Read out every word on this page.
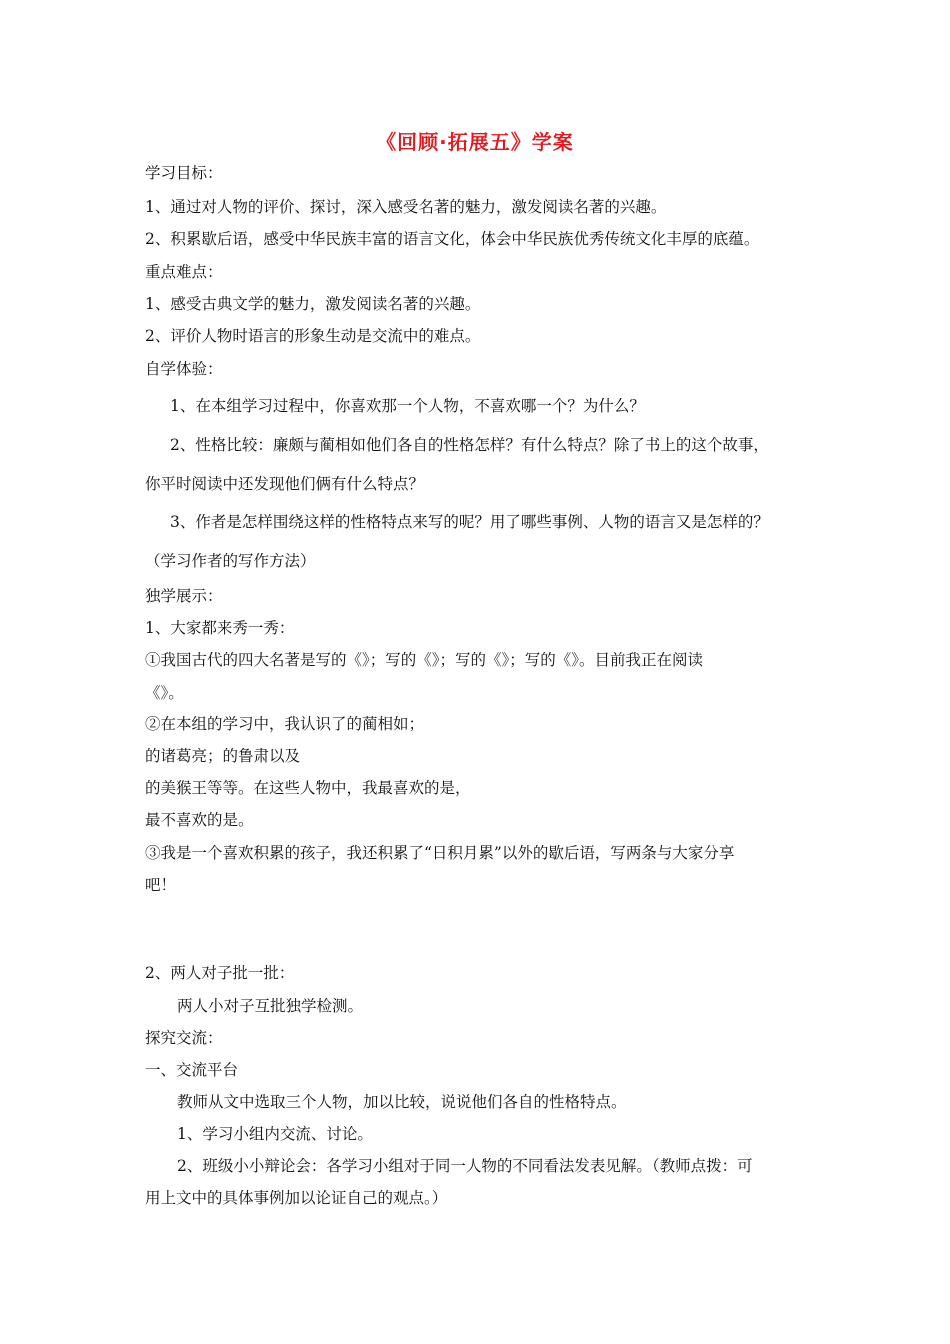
《回顾·拓展五》学案
学习目标：
1、通过对人物的评价、探讨，深入感受名著的魅力，激发阅读名著的兴趣。
2、积累歇后语，感受中华民族丰富的语言文化，体会中华民族优秀传统文化丰厚的底蕴。
重点难点：
1、感受古典文学的魅力，激发阅读名著的兴趣。
2、评价人物时语言的形象生动是交流中的难点。
自学体验：
1、在本组学习过程中，你喜欢那一个人物，不喜欢哪一个？为什么？
2、性格比较：廉颇与蔺相如他们各自的性格怎样？有什么特点？除了书上的这个故事，
你平时阅读中还发现他们俩有什么特点？
3、作者是怎样围绕这样的性格特点来写的呢？用了哪些事例、人物的语言又是怎样的？
（学习作者的写作方法）
独学展示：
1、大家都来秀一秀：
①我国古代的四大名著是写的《》；写的《》；写的《》；写的《》。目前我正在阅读
《》。
②在本组的学习中，我认识了的蔺相如；
的诸葛亮；的鲁肃以及
的美猴王等等。在这些人物中，我最喜欢的是，
最不喜欢的是。
③我是一个喜欢积累的孩子，我还积累了“日积月累”以外的歇后语，写两条与大家分享
吧！
2、两人对子批一批：
两人小对子互批独学检测。
探究交流：
一、交流平台
教师从文中选取三个人物，加以比较，说说他们各自的性格特点。
1、学习小组内交流、讨论。
2、班级小小辩论会：各学习小组对于同一人物的不同看法发表见解。（教师点拨：可
用上文中的具体事例加以论证自己的观点。）
